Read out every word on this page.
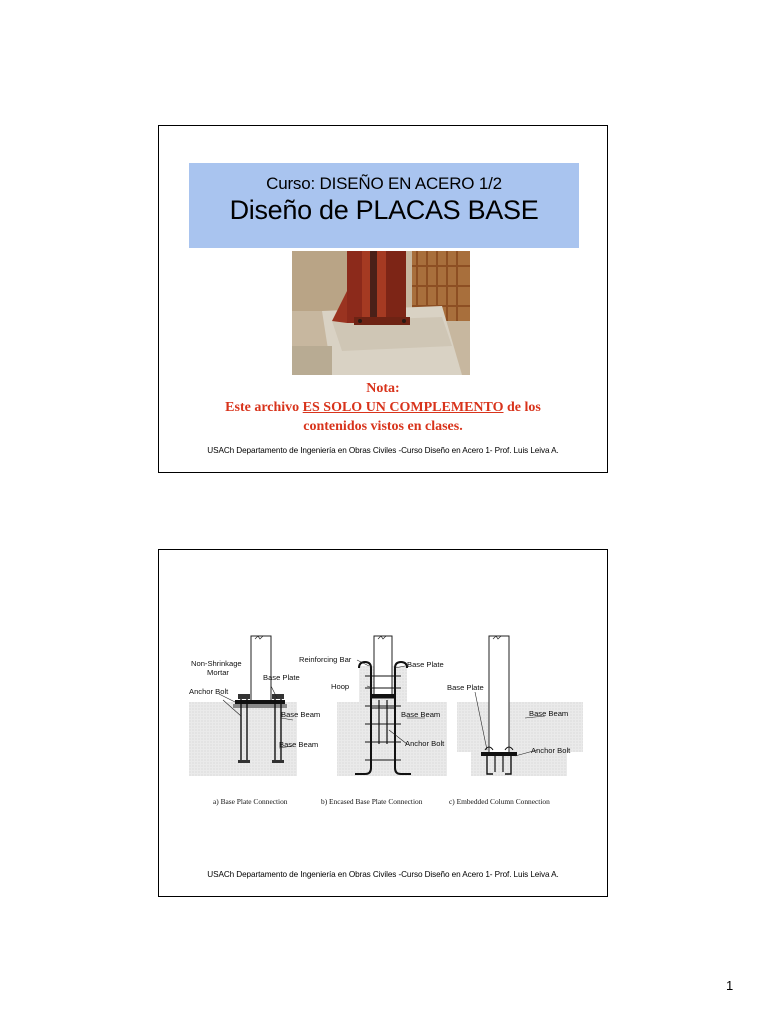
Curso: DISEÑO EN ACERO 1/2
Diseño de PLACAS BASE
Nota:
Este archivo ES SOLO UN COMPLEMENTO de los
contenidos vistos en clases.
USACh Departamento de Ingeniería en Obras Civiles -Curso Diseño en Acero 1- Prof. Luis Leiva A.
Non-Shrinkage
Mortar
Base Plate
Anchor Bolt
Base Beam
Base Beam
Reinforcing Bar
Hoop
Base Plate
Base Beam
Anchor Bolt
Base Plate
Base Beam
Anchor Bolt
a) Base Plate Connection	b) Encased Base Plate Connection	c) Embedded Column Connection
USACh Departamento de Ingeniería en Obras Civiles -Curso Diseño en Acero 1- Prof. Luis Leiva A.
1
